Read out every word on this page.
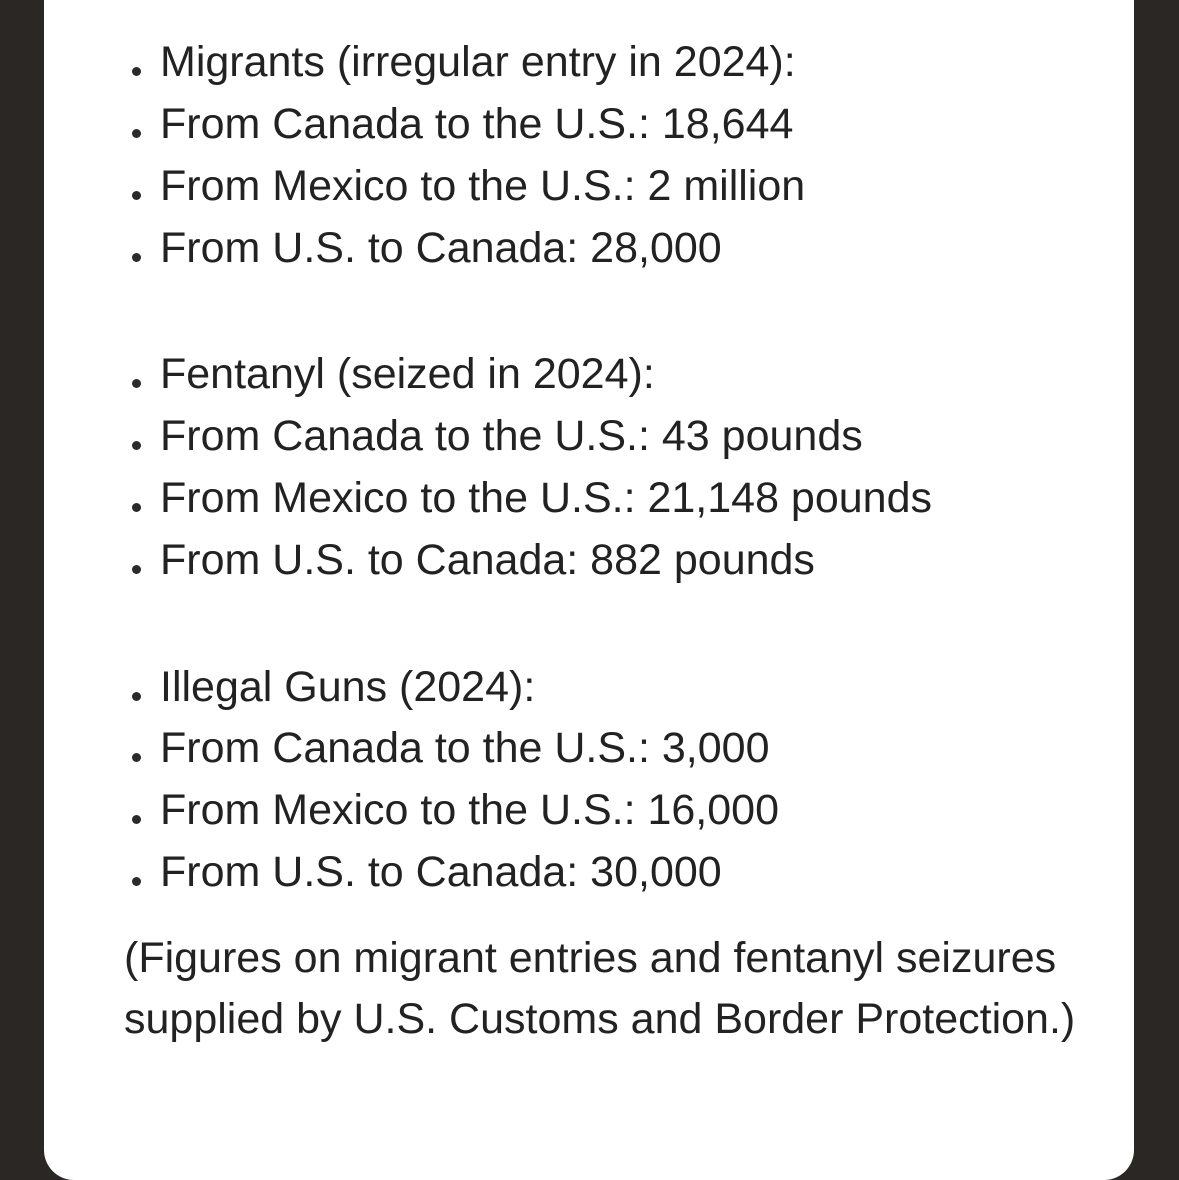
Migrants (irregular entry in 2024):
From Canada to the U.S.: 18,644
From Mexico to the U.S.: 2 million
From U.S. to Canada: 28,000
Fentanyl (seized in 2024):
From Canada to the U.S.: 43 pounds
From Mexico to the U.S.: 21,148 pounds
From U.S. to Canada: 882 pounds
Illegal Guns (2024):
From Canada to the U.S.: 3,000
From Mexico to the U.S.: 16,000
From U.S. to Canada: 30,000
(Figures on migrant entries and fentanyl seizures supplied by U.S. Customs and Border Protection.)
